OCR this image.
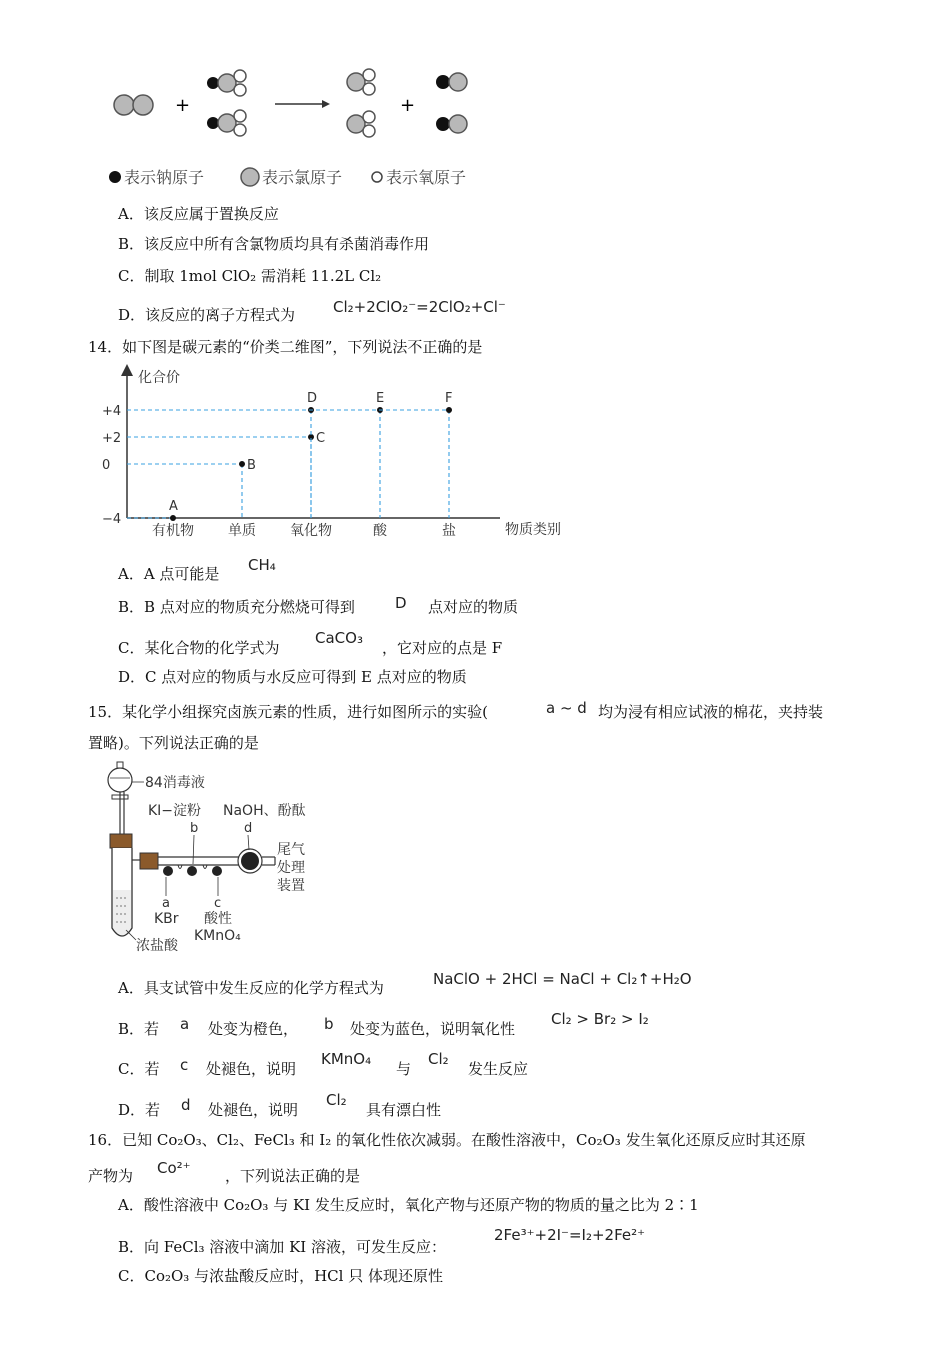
+	+
表示钠原子	表示氯原子	表示氧原子
A．该反应属于置换反应
B．该反应中所有含氯物质均具有杀菌消毒作用
C．制取 1mol ClO₂ 需消耗 11.2L Cl₂
D．该反应的离子方程式为	Cl₂+2ClO₂⁻=2ClO₂+Cl⁻
14．如下图是碳元素的“价类二维图”，下列说法不正确的是
化合价
物质类别
+4
+2
0
−4
有机物 单质 氧化物	酸	盐
A
B
C
D	E	F
A．A 点可能是 CH₄
B．B 点对应的物质充分燃烧可得到	D 点对应的物质
C．某化合物的化学式为
CaCO₃
，它对应的点是 F
D．C 点对应的物质与水反应可得到 E 点对应的物质
15．某化学小组探究卤族元素的性质，进行如图所示的实验(	a ~ d 均为浸有相应试液的棉花，夹持装
置略)。下列说法正确的是
84消毒液
KI−淀粉 NaOH、酚酞
b	d
尾气
处理
装置
a
KBr
c
酸性
KMnO₄
浓盐酸
A．具支试管中发生反应的化学方程式为	NaClO + 2HCl = NaCl + Cl₂↑+H₂O
B．若 a 处变为橙色， b 处变为蓝色，说明氧化性
Cl₂ > Br₂ > I₂
C．若 c 处褪色，说明
KMnO₄
与
Cl₂
发生反应
D．若 d 处褪色，说明
Cl₂
具有漂白性
16．已知 Co₂O₃、Cl₂、FeCl₃ 和 I₂ 的氧化性依次减弱。在酸性溶液中，Co₂O₃ 发生氧化还原反应时其还原
产物为 Co²⁺ ，下列说法正确的是
A．酸性溶液中 Co₂O₃ 与 KI 发生反应时，氧化产物与还原产物的物质的量之比为 2∶1
B．向 FeCl₃ 溶液中滴加 KI 溶液，可发生反应：
2Fe³⁺+2I⁻=I₂+2Fe²⁺
C．Co₂O₃ 与浓盐酸反应时，HCl 只 体现还原性
